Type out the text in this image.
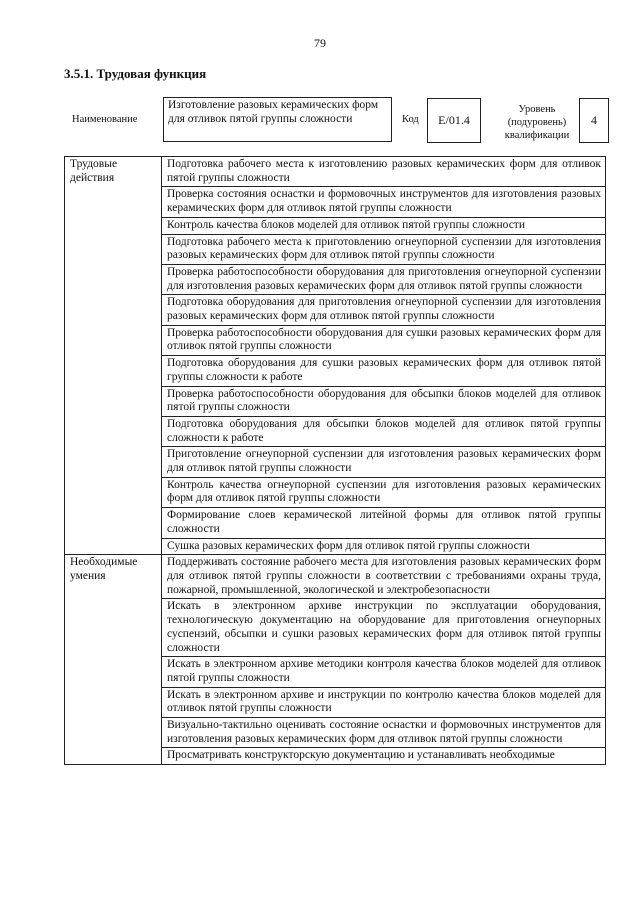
79
3.5.1. Трудовая функция
Наименование
Изготовление разовых керамических форм для отливок пятой группы сложности	Код	E/01.4
Уровень
(подуровень)
квалификации
4
Трудовые действия	Подготовка рабочего места к изготовлению разовых керамических форм для отливок пятой группы сложности
	Проверка состояния оснастки и формовочных инструментов для изготовления разовых керамических форм для отливок пятой группы сложности
	Контроль качества блоков моделей для отливок пятой группы сложности
	Подготовка рабочего места к приготовлению огнеупорной суспензии для изготовления разовых керамических форм для отливок пятой группы сложности
	Проверка работоспособности оборудования для приготовления огнеупорной суспензии для изготовления разовых керамических форм для отливок пятой группы сложности
	Подготовка оборудования для приготовления огнеупорной суспензии для изготовления разовых керамических форм для отливок пятой группы сложности
	Проверка работоспособности оборудования для сушки разовых керамических форм для отливок пятой группы сложности
	Подготовка оборудования для сушки разовых керамических форм для отливок пятой группы сложности к работе
	Проверка работоспособности оборудования для обсыпки блоков моделей для отливок пятой группы сложности
	Подготовка оборудования для обсыпки блоков моделей для отливок пятой группы сложности к работе
	Приготовление огнеупорной суспензии для изготовления разовых керамических форм для отливок пятой группы сложности
	Контроль качества огнеупорной суспензии для изготовления разовых керамических форм для отливок пятой группы сложности
	Формирование слоев керамической литейной формы для отливок пятой группы сложности
	Сушка разовых керамических форм для отливок пятой группы сложности
Необходимые умения	Поддерживать состояние рабочего места для изготовления разовых керамических форм для отливок пятой группы сложности в соответствии с требованиями охраны труда, пожарной, промышленной, экологической и электробезопасности
	Искать в электронном архиве инструкции по эксплуатации оборудования, технологическую документацию на оборудование для приготовления огнеупорных суспензий, обсыпки и сушки разовых керамических форм для отливок пятой группы сложности
	Искать в электронном архиве методики контроля качества блоков моделей для отливок пятой группы сложности
	Искать в электронном архиве и инструкции по контролю качества блоков моделей для отливок пятой группы сложности
	Визуально-тактильно оценивать состояние оснастки и формовочных инструментов для изготовления разовых керамических форм для отливок пятой группы сложности
	Просматривать конструкторскую документацию и устанавливать необходимые
